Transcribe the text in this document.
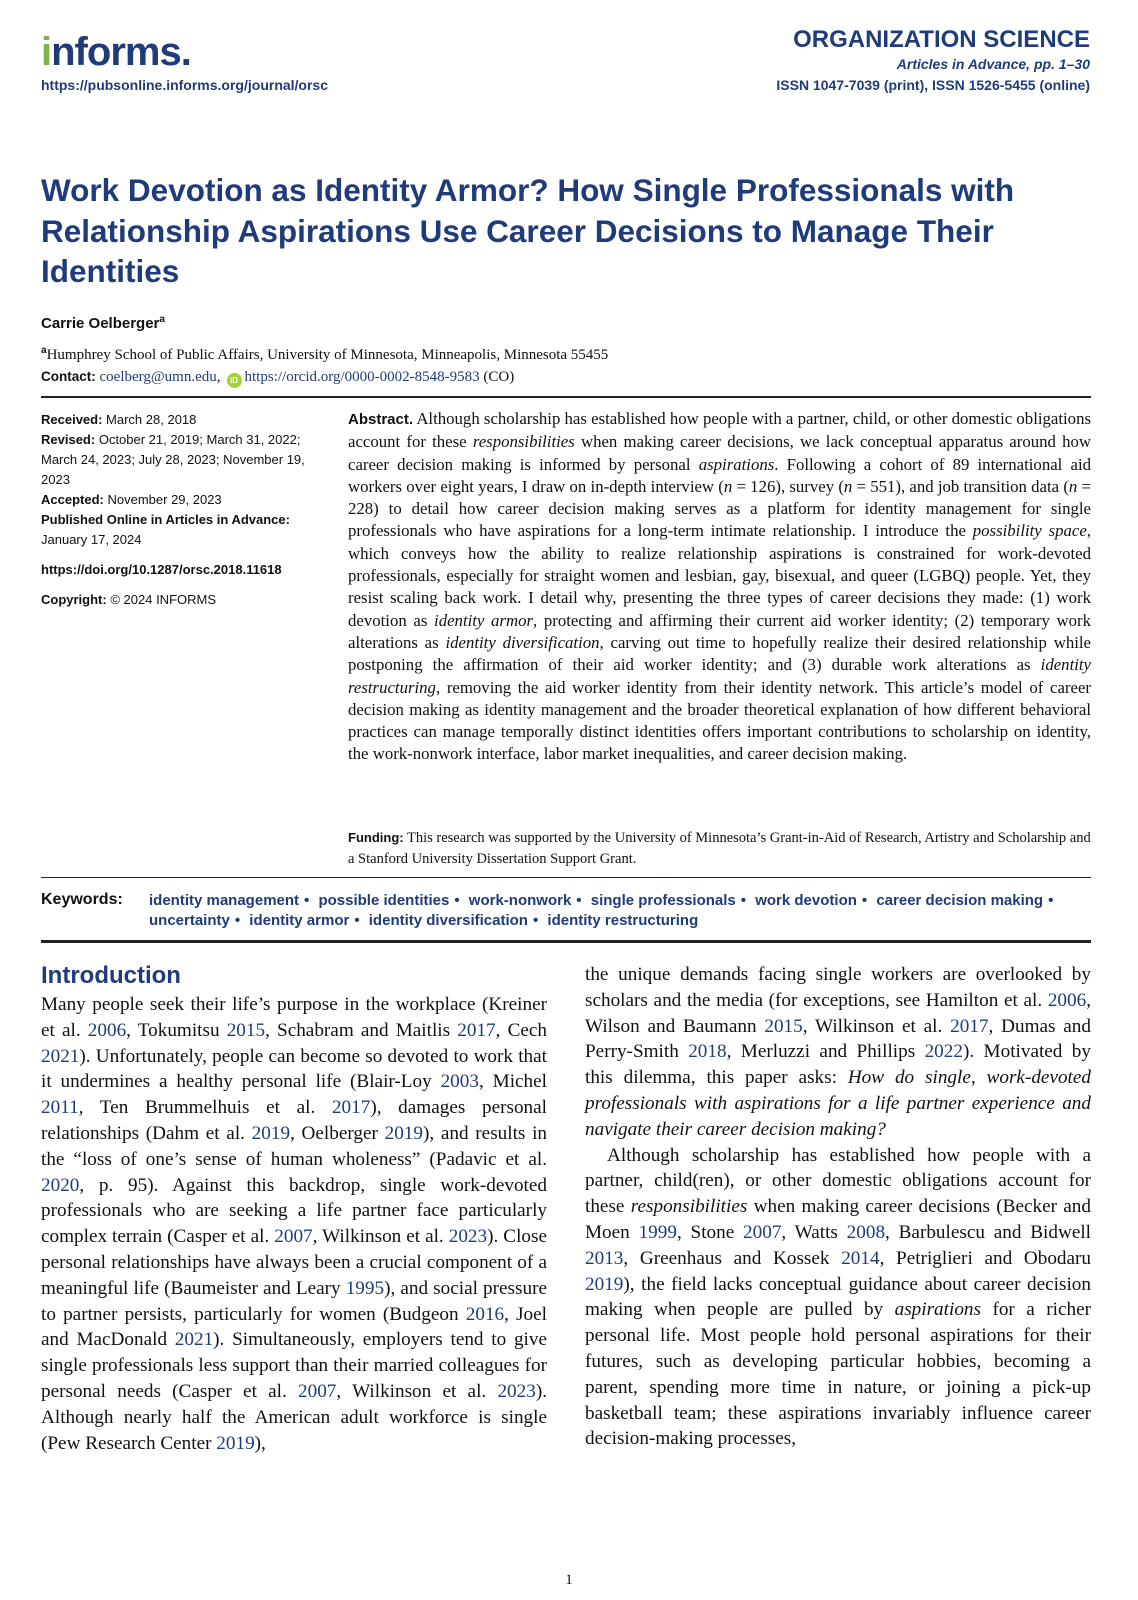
informs.
https://pubsonline.informs.org/journal/orsc
ORGANIZATION SCIENCE
Articles in Advance, pp. 1–30
ISSN 1047-7039 (print), ISSN 1526-5455 (online)
Work Devotion as Identity Armor? How Single Professionals with Relationship Aspirations Use Career Decisions to Manage Their Identities
Carrie Oelberger$^a$
$^a$Humphrey School of Public Affairs, University of Minnesota, Minneapolis, Minnesota 55455
Contact: coelberg@umn.edu, iD https://orcid.org/0000-0002-8548-9583 (CO)
Received: March 28, 2018
Revised: October 21, 2019; March 31, 2022; March 24, 2023; July 28, 2023; November 19, 2023
Accepted: November 29, 2023
Published Online in Articles in Advance:
January 17, 2024
https://doi.org/10.1287/orsc.2018.11618
Copyright: © 2024 INFORMS

Abstract. Although scholarship has established how people with a partner, child, or other domestic obligations account for these responsibilities when making career decisions, we lack conceptual apparatus around how career decision making is informed by personal aspirations. Following a cohort of 89 international aid workers over eight years, I draw on in-depth interview (n = 126), survey (n = 551), and job transition data (n = 228) to detail how career decision making serves as a platform for identity management for single professionals who have aspirations for a long-term intimate relationship. I introduce the possibility space, which conveys how the ability to realize relationship aspirations is constrained for work-devoted professionals, especially for straight women and lesbian, gay, bisexual, and queer (LGBQ) people. Yet, they resist scaling back work. I detail why, presenting the three types of career decisions they made: (1) work devotion as identity armor, protecting and affirming their current aid worker identity; (2) temporary work alterations as identity diversification, carving out time to hopefully realize their desired relationship while postponing the affirmation of their aid worker identity; and (3) durable work alterations as identity restructuring, removing the aid worker identity from their identity network. This article’s model of career decision making as identity management and the broader theoretical explanation of how different behavioral practices can manage temporally distinct identities offers important contributions to scholarship on identity, the work-nonwork interface, labor market inequalities, and career decision making.

Funding: This research was supported by the University of Minnesota’s Grant-in-Aid of Research, Artistry and Scholarship and a Stanford University Dissertation Support Grant.

Keywords: identity management • possible identities • work-nonwork • single professionals • work devotion • career decision making • uncertainty • identity armor • identity diversification • identity restructuring
Introduction

Many people seek their life’s purpose in the workplace (Kreiner et al. 2006, Tokumitsu 2015, Schabram and Maitlis 2017, Cech 2021). Unfortunately, people can become so devoted to work that it undermines a healthy personal life (Blair-Loy 2003, Michel 2011, Ten Brummelhuis et al. 2017), damages personal relationships (Dahm et al. 2019, Oelberger 2019), and results in the “loss of one’s sense of human wholeness” (Padavic et al. 2020, p. 95). Against this backdrop, single work-devoted professionals who are seeking a life partner face particularly complex terrain (Casper et al. 2007, Wilkinson et al. 2023). Close personal relationships have always been a crucial component of a meaningful life (Baumeister and Leary 1995), and social pressure to partner persists, particularly for women (Budgeon 2016, Joel and MacDonald 2021). Simultaneously, employers tend to give single professionals less support than their married colleagues for personal needs (Casper et al. 2007, Wilkinson et al. 2023). Although nearly half the American adult workforce is single (Pew Research Center 2019),

the unique demands facing single workers are overlooked by scholars and the media (for exceptions, see Hamilton et al. 2006, Wilson and Baumann 2015, Wilkinson et al. 2017, Dumas and Perry-Smith 2018, Merluzzi and Phillips 2022). Motivated by this dilemma, this paper asks: How do single, work-devoted professionals with aspirations for a life partner experience and navigate their career decision making?

Although scholarship has established how people with a partner, child(ren), or other domestic obligations account for these responsibilities when making career decisions (Becker and Moen 1999, Stone 2007, Watts 2008, Barbulescu and Bidwell 2013, Greenhaus and Kossek 2014, Petriglieri and Obodaru 2019), the field lacks conceptual guidance about career decision making when people are pulled by aspirations for a richer personal life. Most people hold personal aspirations for their futures, such as developing particular hobbies, becoming a parent, spending more time in nature, or joining a pick-up basketball team; these aspirations invariably influence career decision-making processes,

1
